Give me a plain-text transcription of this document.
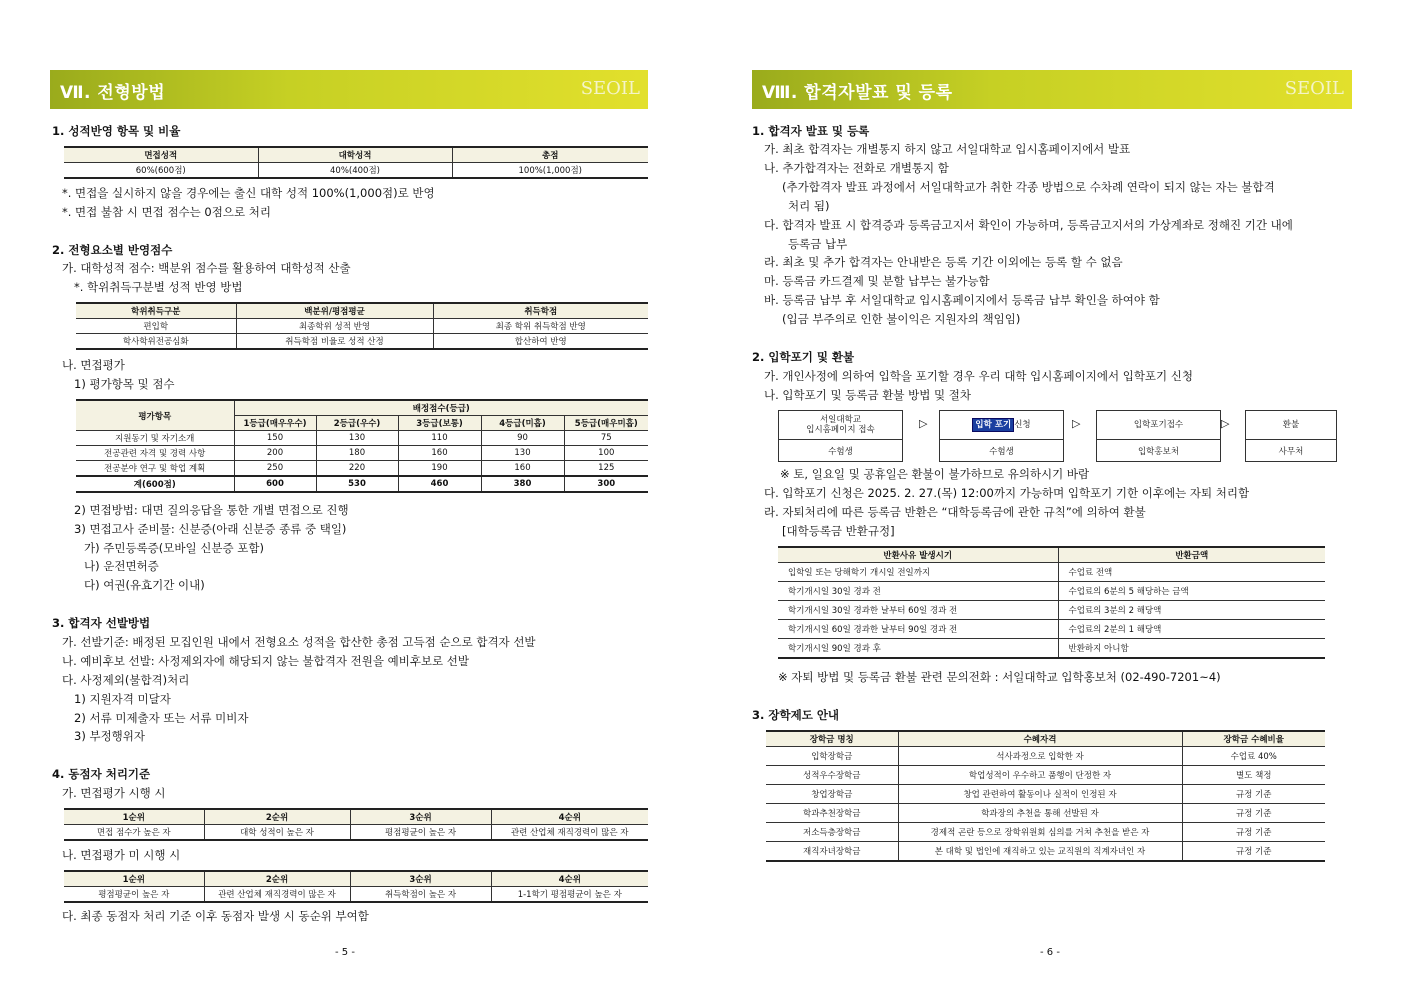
Ⅶ. 전형방법	SEOIL
1. 성적반영 항목 및 비율
면접성적	대학성적	총점
60%(600점)	40%(400점)	100%(1,000점)
*. 면접을 실시하지 않을 경우에는 출신 대학 성적 100%(1,000점)로 반영
*. 면접 불참 시 면접 점수는 0점으로 처리
2. 전형요소별 반영점수
가. 대학성적 점수: 백분위 점수를 활용하여 대학성적 산출
*. 학위취득구분별 성적 반영 방법
학위취득구분	백분위/평점평균	취득학점
편입학	최종학위 성적 반영	최종 학위 취득학점 반영
학사학위전공심화	취득학점 비율로 성적 산정	합산하여 반영
나. 면접평가
1) 평가항목 및 점수
평가항목	배정점수(등급)				
	1등급(매우우수)	2등급(우수)	3등급(보통)	4등급(미흡)	5등급(매우미흡)
지원동기 및 자기소개	150	130	110	90	75
전공관련 자격 및 경력 사항	200	180	160	130	100
전공분야 연구 및 학업 계획	250	220	190	160	125
계(600점)	600	530	460	380	300
2) 면접방법: 대면 질의응답을 통한 개별 면접으로 진행
3) 면접고사 준비물: 신분증(아래 신분증 종류 중 택일)
가) 주민등록증(모바일 신분증 포함)
나) 운전면허증
다) 여권(유효기간 이내)
3. 합격자 선발방법
가. 선발기준: 배정된 모집인원 내에서 전형요소 성적을 합산한 총점 고득점 순으로 합격자 선발
나. 예비후보 선발: 사정제외자에 해당되지 않는 불합격자 전원을 예비후보로 선발
다. 사정제외(불합격)처리
1) 지원자격 미달자
2) 서류 미제출자 또는 서류 미비자
3) 부정행위자
4. 동점자 처리기준
가. 면접평가 시행 시
1순위	2순위	3순위	4순위
면접 점수가 높은 자	대학 성적이 높은 자	평점평균이 높은 자	관련 산업체 재직경력이 많은 자
나. 면접평가 미 시행 시
1순위	2순위	3순위	4순위
평점평균이 높은 자	관련 산업체 재직경력이 많은 자	취득학점이 높은 자	1-1학기 평점평균이 높은 자
다. 최종 동점자 처리 기준 이후 동점자 발생 시 동순위 부여함
- 5 -
Ⅷ. 합격자발표 및 등록	SEOIL
1. 합격자 발표 및 등록
가. 최초 합격자는 개별통지 하지 않고 서일대학교 입시홈페이지에서 발표
나. 추가합격자는 전화로 개별통지 함
(추가합격자 발표 과정에서 서일대학교가 취한 각종 방법으로 수차례 연락이 되지 않는 자는 불합격
처리 됨)
다. 합격자 발표 시 합격증과 등록금고지서 확인이 가능하며, 등록금고지서의 가상계좌로 정해진 기간 내에
등록금 납부
라. 최초 및 추가 합격자는 안내받은 등록 기간 이외에는 등록 할 수 없음
마. 등록금 카드결제 및 분할 납부는 불가능함
바. 등록금 납부 후 서일대학교 입시홈페이지에서 등록금 납부 확인을 하여야 함
(입금 부주의로 인한 불이익은 지원자의 책임임)
2. 입학포기 및 환불
가. 개인사정에 의하여 입학을 포기할 경우 우리 대학 입시홈페이지에서 입학포기 신청
나. 입학포기 및 등록금 환불 방법 및 절차
서일대학교
입시홈페이지 접속
수험생
▷	입학 포기 신청
수험생
▷	입학포기접수
입학홍보처
▷	환불
사무처
※ 토, 일요일 및 공휴일은 환불이 불가하므로 유의하시기 바람
다. 입학포기 신청은 2025. 2. 27.(목) 12:00까지 가능하며 입학포기 기한 이후에는 자퇴 처리함
라. 자퇴처리에 따른 등록금 반환은 “대학등록금에 관한 규칙”에 의하여 환불
[대학등록금 반환규정]
반환사유 발생시기	반환금액
입학일 또는 당해학기 개시일 전일까지	수업료 전액
학기개시일 30일 경과 전	수업료의 6분의 5 해당하는 금액
학기개시일 30일 경과한 날부터 60일 경과 전	수업료의 3분의 2 해당액
학기개시일 60일 경과한 날부터 90일 경과 전	수업료의 2분의 1 해당액
학기개시일 90일 경과 후	반환하지 아니함
※ 자퇴 방법 및 등록금 환불 관련 문의전화 : 서일대학교 입학홍보처 (02-490-7201~4)
3. 장학제도 안내
장학금 명칭	수혜자격	장학금 수혜비율
입학장학금	석사과정으로 입학한 자	수업료 40%
성적우수장학금	학업성적이 우수하고 품행이 단정한 자	별도 책정
창업장학금	창업 관련하여 활동이나 실적이 인정된 자	규정 기준
학과추천장학금	학과장의 추천을 통해 선발된 자	규정 기준
저소득층장학금	경제적 곤란 등으로 장학위원회 심의를 거쳐 추천을 받은 자	규정 기준
재직자녀장학금	본 대학 및 법인에 재직하고 있는 교직원의 직계자녀인 자	규정 기준
- 6 -
